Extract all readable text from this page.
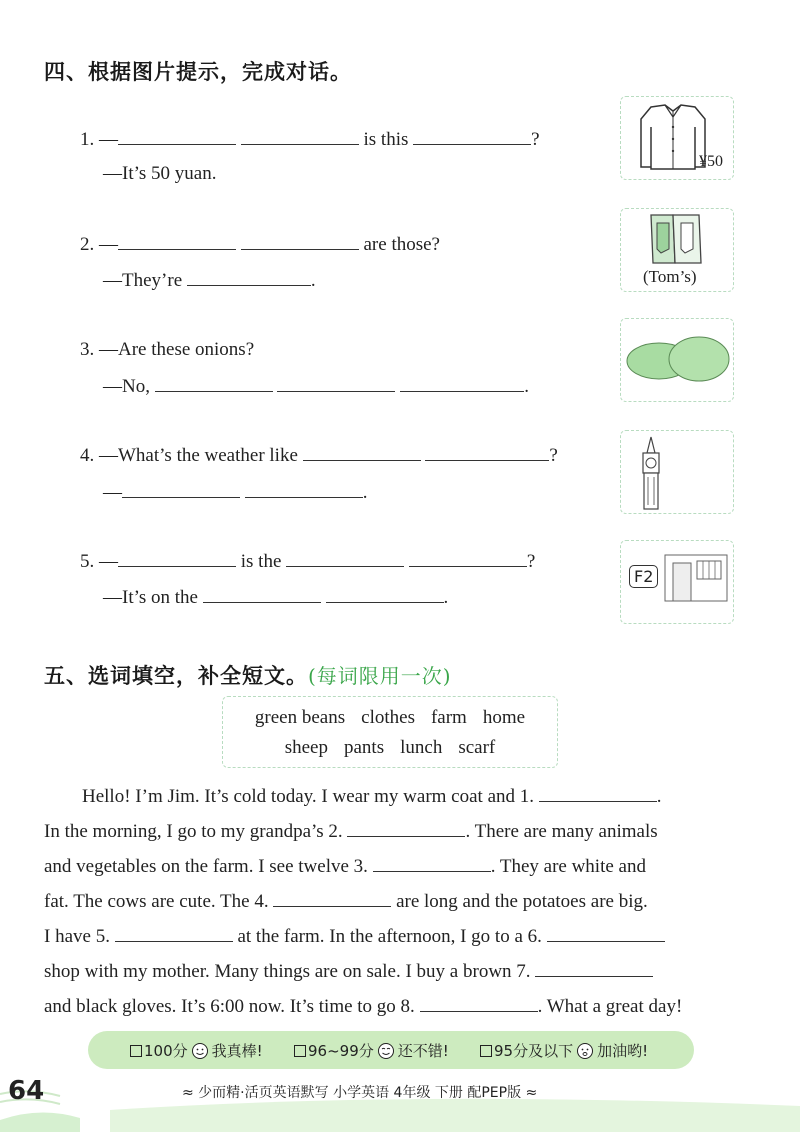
四、根据图片提示，完成对话。
1. —	is this	?
—It’s 50 yuan.
¥50
2. —	are those?
—They’re	.	(Tom’s)
3. —Are these onions?
—No,	.
4. —What’s the weather like	?
—	.
5. —	is the	?
—It’s on the	.
F2
五、选词填空，补全短文。(每词限用一次)
green beans clothes farm home
sheep pants lunch scarf
Hello! I’m Jim. It’s cold today. I wear my warm coat and 1.	.
In the morning, I go to my grandpa’s 2.	. There are many animals
and vegetables on the farm. I see twelve 3.	. They are white and
fat. The cows are cute. The 4.	are long and the potatoes are big.
I have 5.	at the farm. In the afternoon, I go to a 6.
shop with my mother. Many things are on sale. I buy a brown 7.
and black gloves. It’s 6:00 now. It’s time to go 8.	. What a great day!
100分 我真棒!	96~99分 还不错!	95分及以下 加油哟!
64	≈ 少而精·活页英语默写 小学英语 4年级 下册 配PEP版 ≈
